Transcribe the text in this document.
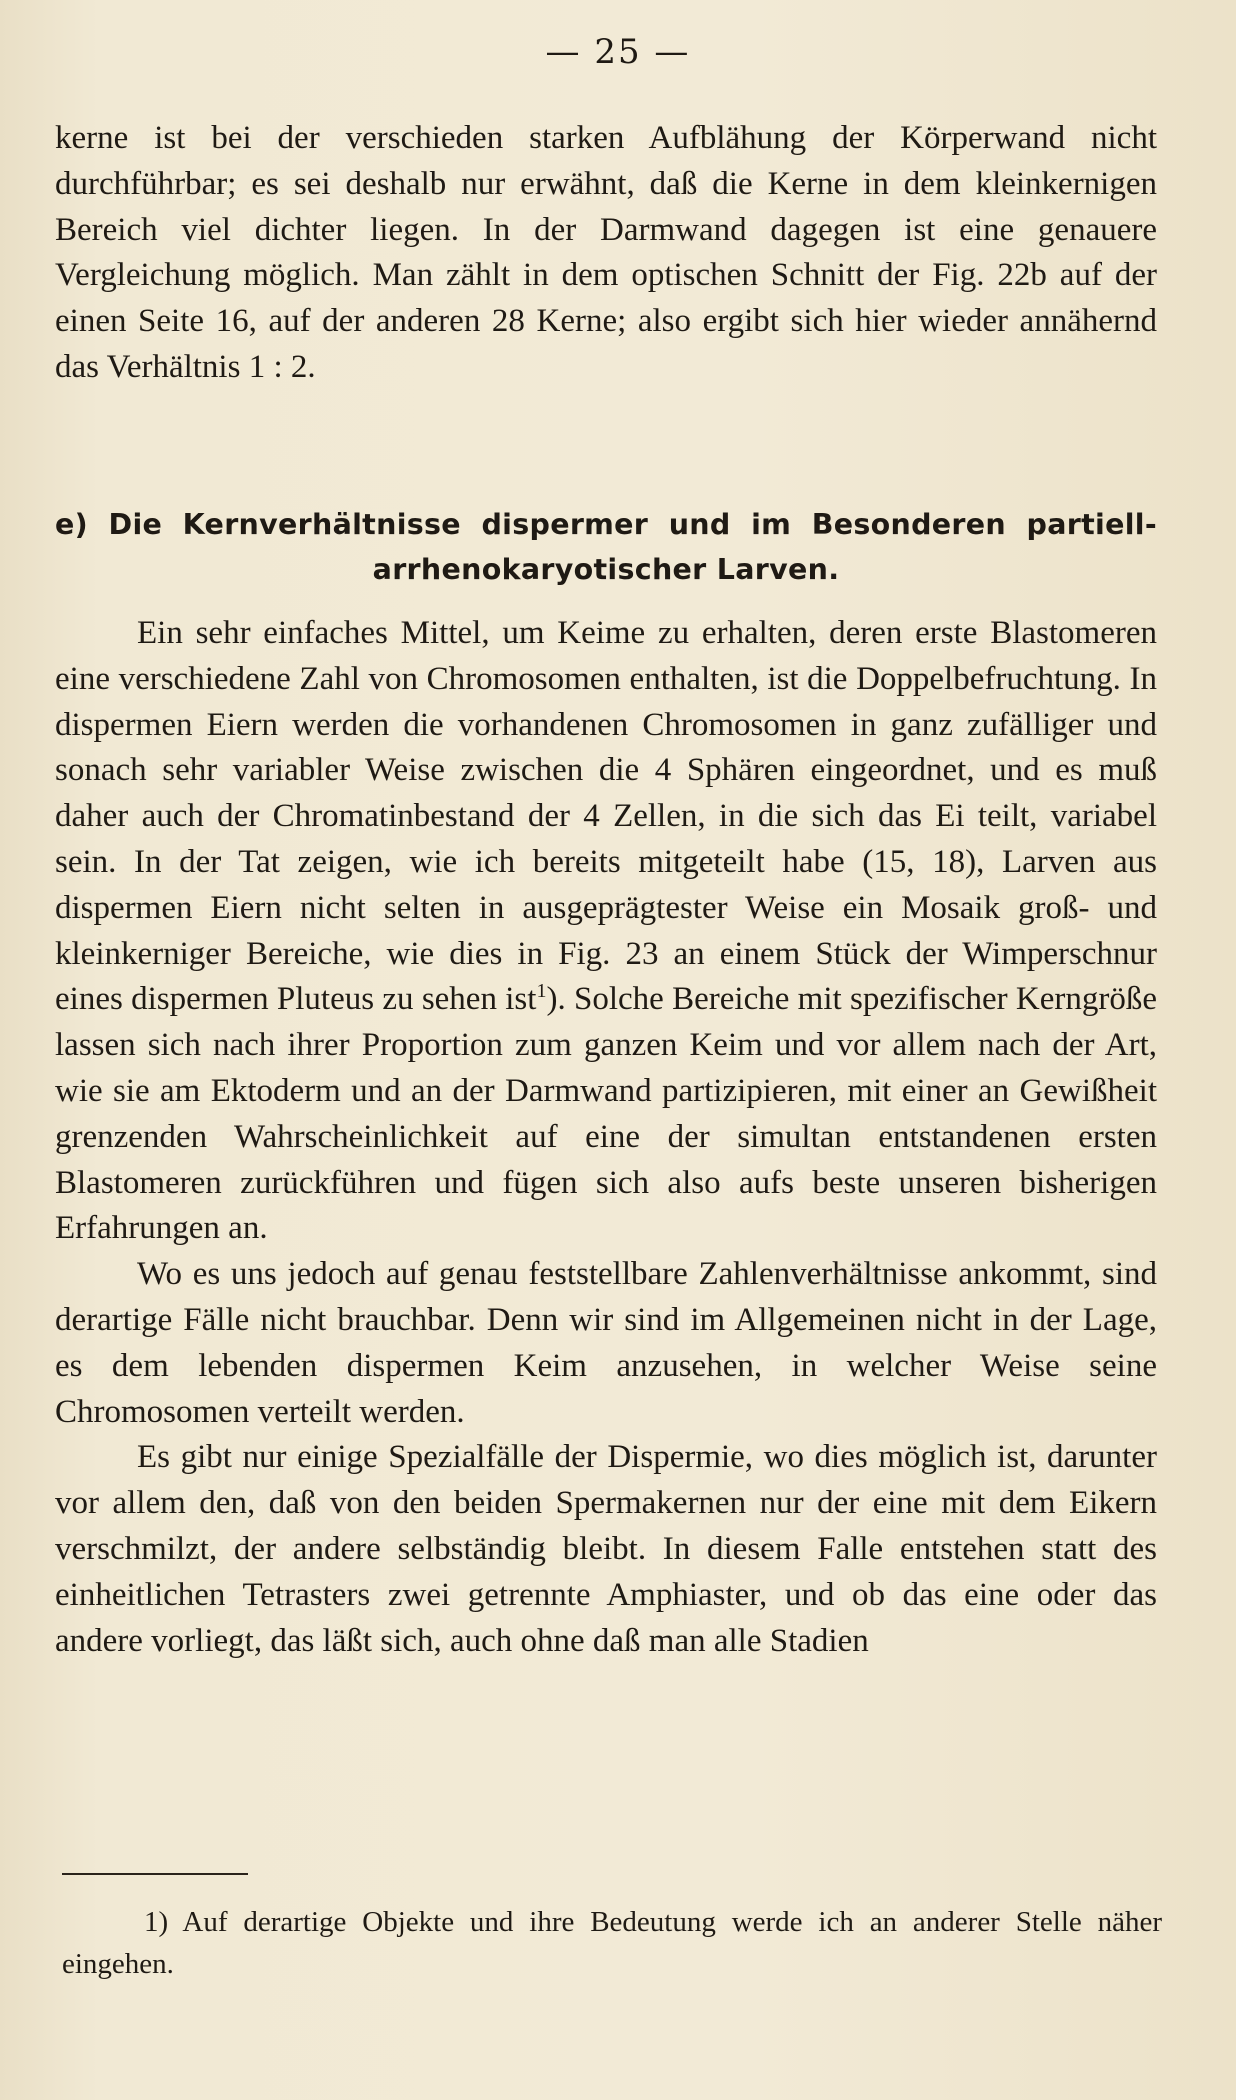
— 25 —

kerne ist bei der verschieden starken Aufblähung der Körperwand nicht durchführbar; es sei deshalb nur erwähnt, daß die Kerne in dem kleinkernigen Bereich viel dichter liegen. In der Darmwand dagegen ist eine genauere Vergleichung möglich. Man zählt in dem optischen Schnitt der Fig. 22b auf der einen Seite 16, auf der anderen 28 Kerne; also ergibt sich hier wieder annähernd das Verhältnis 1 : 2.

e) Die Kernverhältnisse dispermer und im Besonderen partiell-
arrhenokaryotischer Larven.

Ein sehr einfaches Mittel, um Keime zu erhalten, deren erste Blastomeren eine verschiedene Zahl von Chromosomen enthalten, ist die Doppelbefruchtung. In dispermen Eiern werden die vorhandenen Chromosomen in ganz zufälliger und sonach sehr variabler Weise zwischen die 4 Sphären eingeordnet, und es muß daher auch der Chromatinbestand der 4 Zellen, in die sich das Ei teilt, variabel sein. In der Tat zeigen, wie ich bereits mitgeteilt habe (15, 18), Larven aus dispermen Eiern nicht selten in ausgeprägtester Weise ein Mosaik groß- und kleinkerniger Bereiche, wie dies in Fig. 23 an einem Stück der Wimperschnur eines dispermen Pluteus zu sehen ist$^1$). Solche Bereiche mit spezifischer Kerngröße lassen sich nach ihrer Proportion zum ganzen Keim und vor allem nach der Art, wie sie am Ektoderm und an der Darmwand partizipieren, mit einer an Gewißheit grenzenden Wahrscheinlichkeit auf eine der simultan entstandenen ersten Blastomeren zurückführen und fügen sich also aufs beste unseren bisherigen Erfahrungen an.

Wo es uns jedoch auf genau feststellbare Zahlenverhältnisse ankommt, sind derartige Fälle nicht brauchbar. Denn wir sind im Allgemeinen nicht in der Lage, es dem lebenden dispermen Keim anzusehen, in welcher Weise seine Chromosomen verteilt werden.

Es gibt nur einige Spezialfälle der Dispermie, wo dies möglich ist, darunter vor allem den, daß von den beiden Spermakernen nur der eine mit dem Eikern verschmilzt, der andere selbständig bleibt. In diesem Falle entstehen statt des einheitlichen Tetrasters zwei getrennte Amphiaster, und ob das eine oder das andere vorliegt, das läßt sich, auch ohne daß man alle Stadien

1) Auf derartige Objekte und ihre Bedeutung werde ich an anderer Stelle näher eingehen.
